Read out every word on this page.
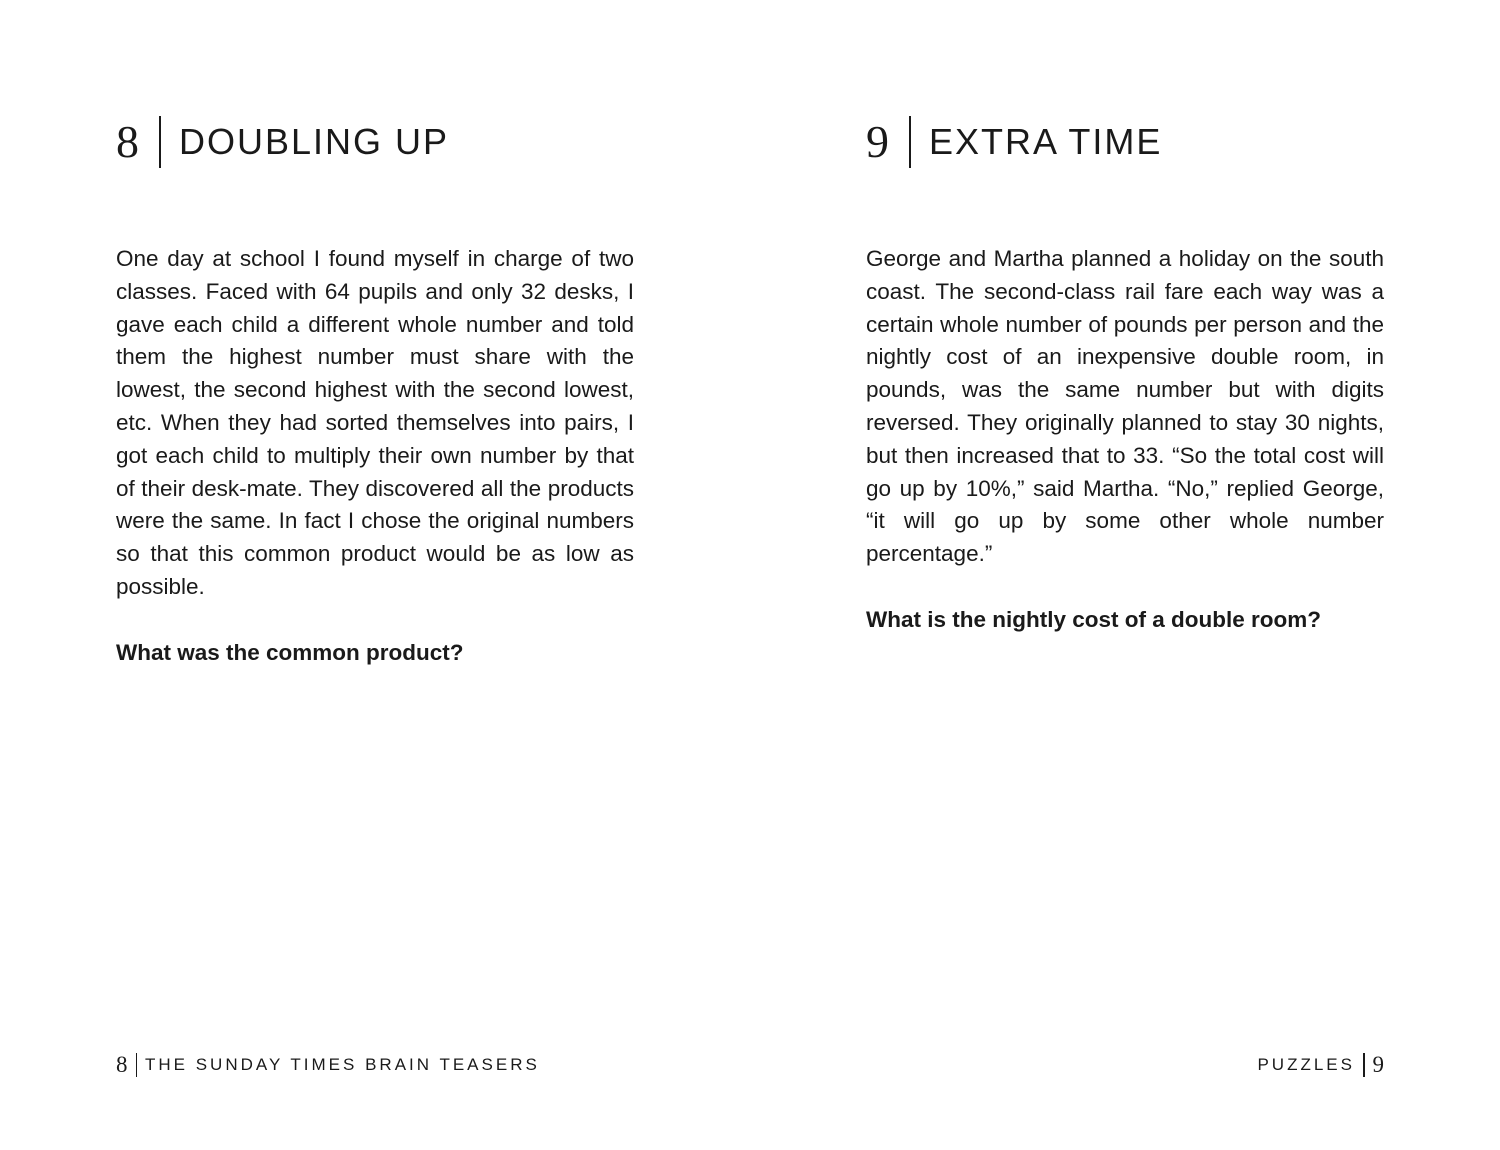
8 DOUBLING UP

One day at school I found myself in charge of two classes. Faced with 64 pupils and only 32 desks, I gave each child a different whole number and told them the highest number must share with the lowest, the second highest with the second lowest, etc. When they had sorted themselves into pairs, I got each child to multiply their own number by that of their desk-mate. They discovered all the products were the same. In fact I chose the original numbers so that this common product would be as low as possible.

What was the common product?

8 THE SUNDAY TIMES BRAIN TEASERS
9 EXTRA TIME

George and Martha planned a holiday on the south coast. The second-class rail fare each way was a certain whole number of pounds per person and the nightly cost of an inexpensive double room, in pounds, was the same number but with digits reversed. They originally planned to stay 30 nights, but then increased that to 33. “So the total cost will go up by 10%,” said Martha. “No,” replied George, “it will go up by some other whole number percentage.”

What is the nightly cost of a double room?

PUZZLES 9
